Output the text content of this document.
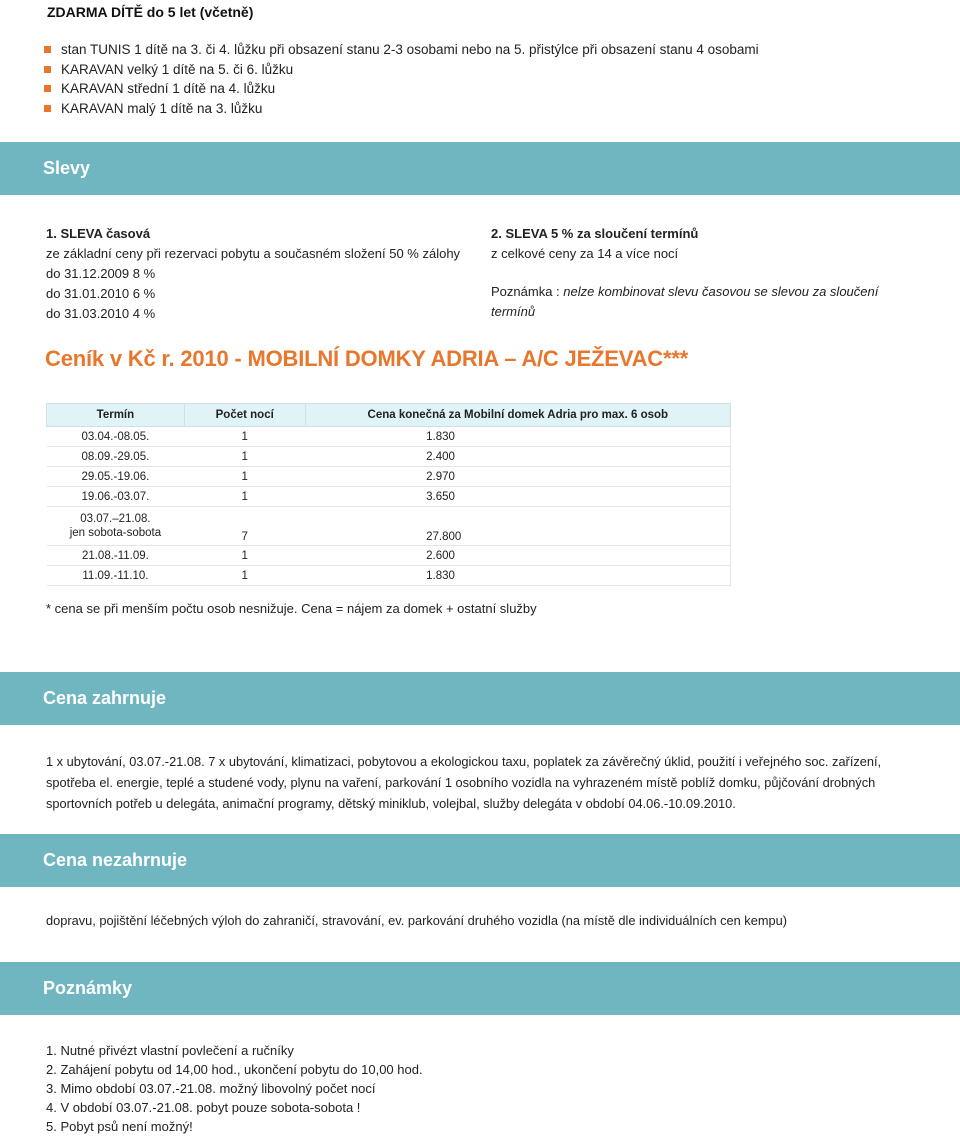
ZDARMA DÍTĚ do 5 let (včetně)
stan TUNIS 1 dítě na 3. či 4. lůžku při obsazení stanu 2-3 osobami nebo na 5. přistýlce při obsazení stanu 4 osobami
KARAVAN velký 1 dítě na 5. či 6. lůžku
KARAVAN střední 1 dítě na 4. lůžku
KARAVAN malý 1 dítě na 3. lůžku
Slevy
1. SLEVA časová
ze základní ceny při rezervaci pobytu a současném složení 50 % zálohy
do 31.12.2009 8 %
do 31.01.2010 6 %
do 31.03.2010 4 %
2. SLEVA 5 % za sloučení termínů
z celkové ceny za 14 a více nocí
Poznámka : nelze kombinovat slevu časovou se slevou za sloučení termínů
Ceník v Kč r. 2010 - MOBILNÍ DOMKY ADRIA – A/C JEŽEVAC***
Termín	Počet nocí	Cena konečná za Mobilní domek Adria pro max. 6 osob
03.04.-08.05.	1	1.830
08.09.-29.05.	1	2.400
29.05.-19.06.	1	2.970
19.06.-03.07.	1	3.650

03.07.–21.08.
jen sobota-sobota	7	27.800
21.08.-11.09.	1	2.600
11.09.-11.10.	1	1.830
* cena se při menším počtu osob nesnižuje. Cena = nájem za domek + ostatní služby
Cena zahrnuje
1 x ubytování, 03.07.-21.08. 7 x ubytování, klimatizaci, pobytovou a ekologickou taxu, poplatek za závěrečný úklid, použití i veřejného soc. zařízení, spotřeba el. energie, teplé a studené vody, plynu na vaření, parkování 1 osobního vozidla na vyhrazeném místě poblíž domku, půjčování drobných sportovních potřeb u delegáta, animační programy, dětský miniklub, volejbal, služby delegáta v období 04.06.-10.09.2010.
Cena nezahrnuje
dopravu, pojištění léčebných výloh do zahraničí, stravování, ev. parkování druhého vozidla (na místě dle individuálních cen kempu)
Poznámky
1. Nutné přivézt vlastní povlečení a ručníky
2. Zahájení pobytu od 14,00 hod., ukončení pobytu do 10,00 hod.
3. Mimo období 03.07.-21.08. možný libovolný počet nocí
4. V období 03.07.-21.08. pobyt pouze sobota-sobota !
5. Pobyt psů není možný!
